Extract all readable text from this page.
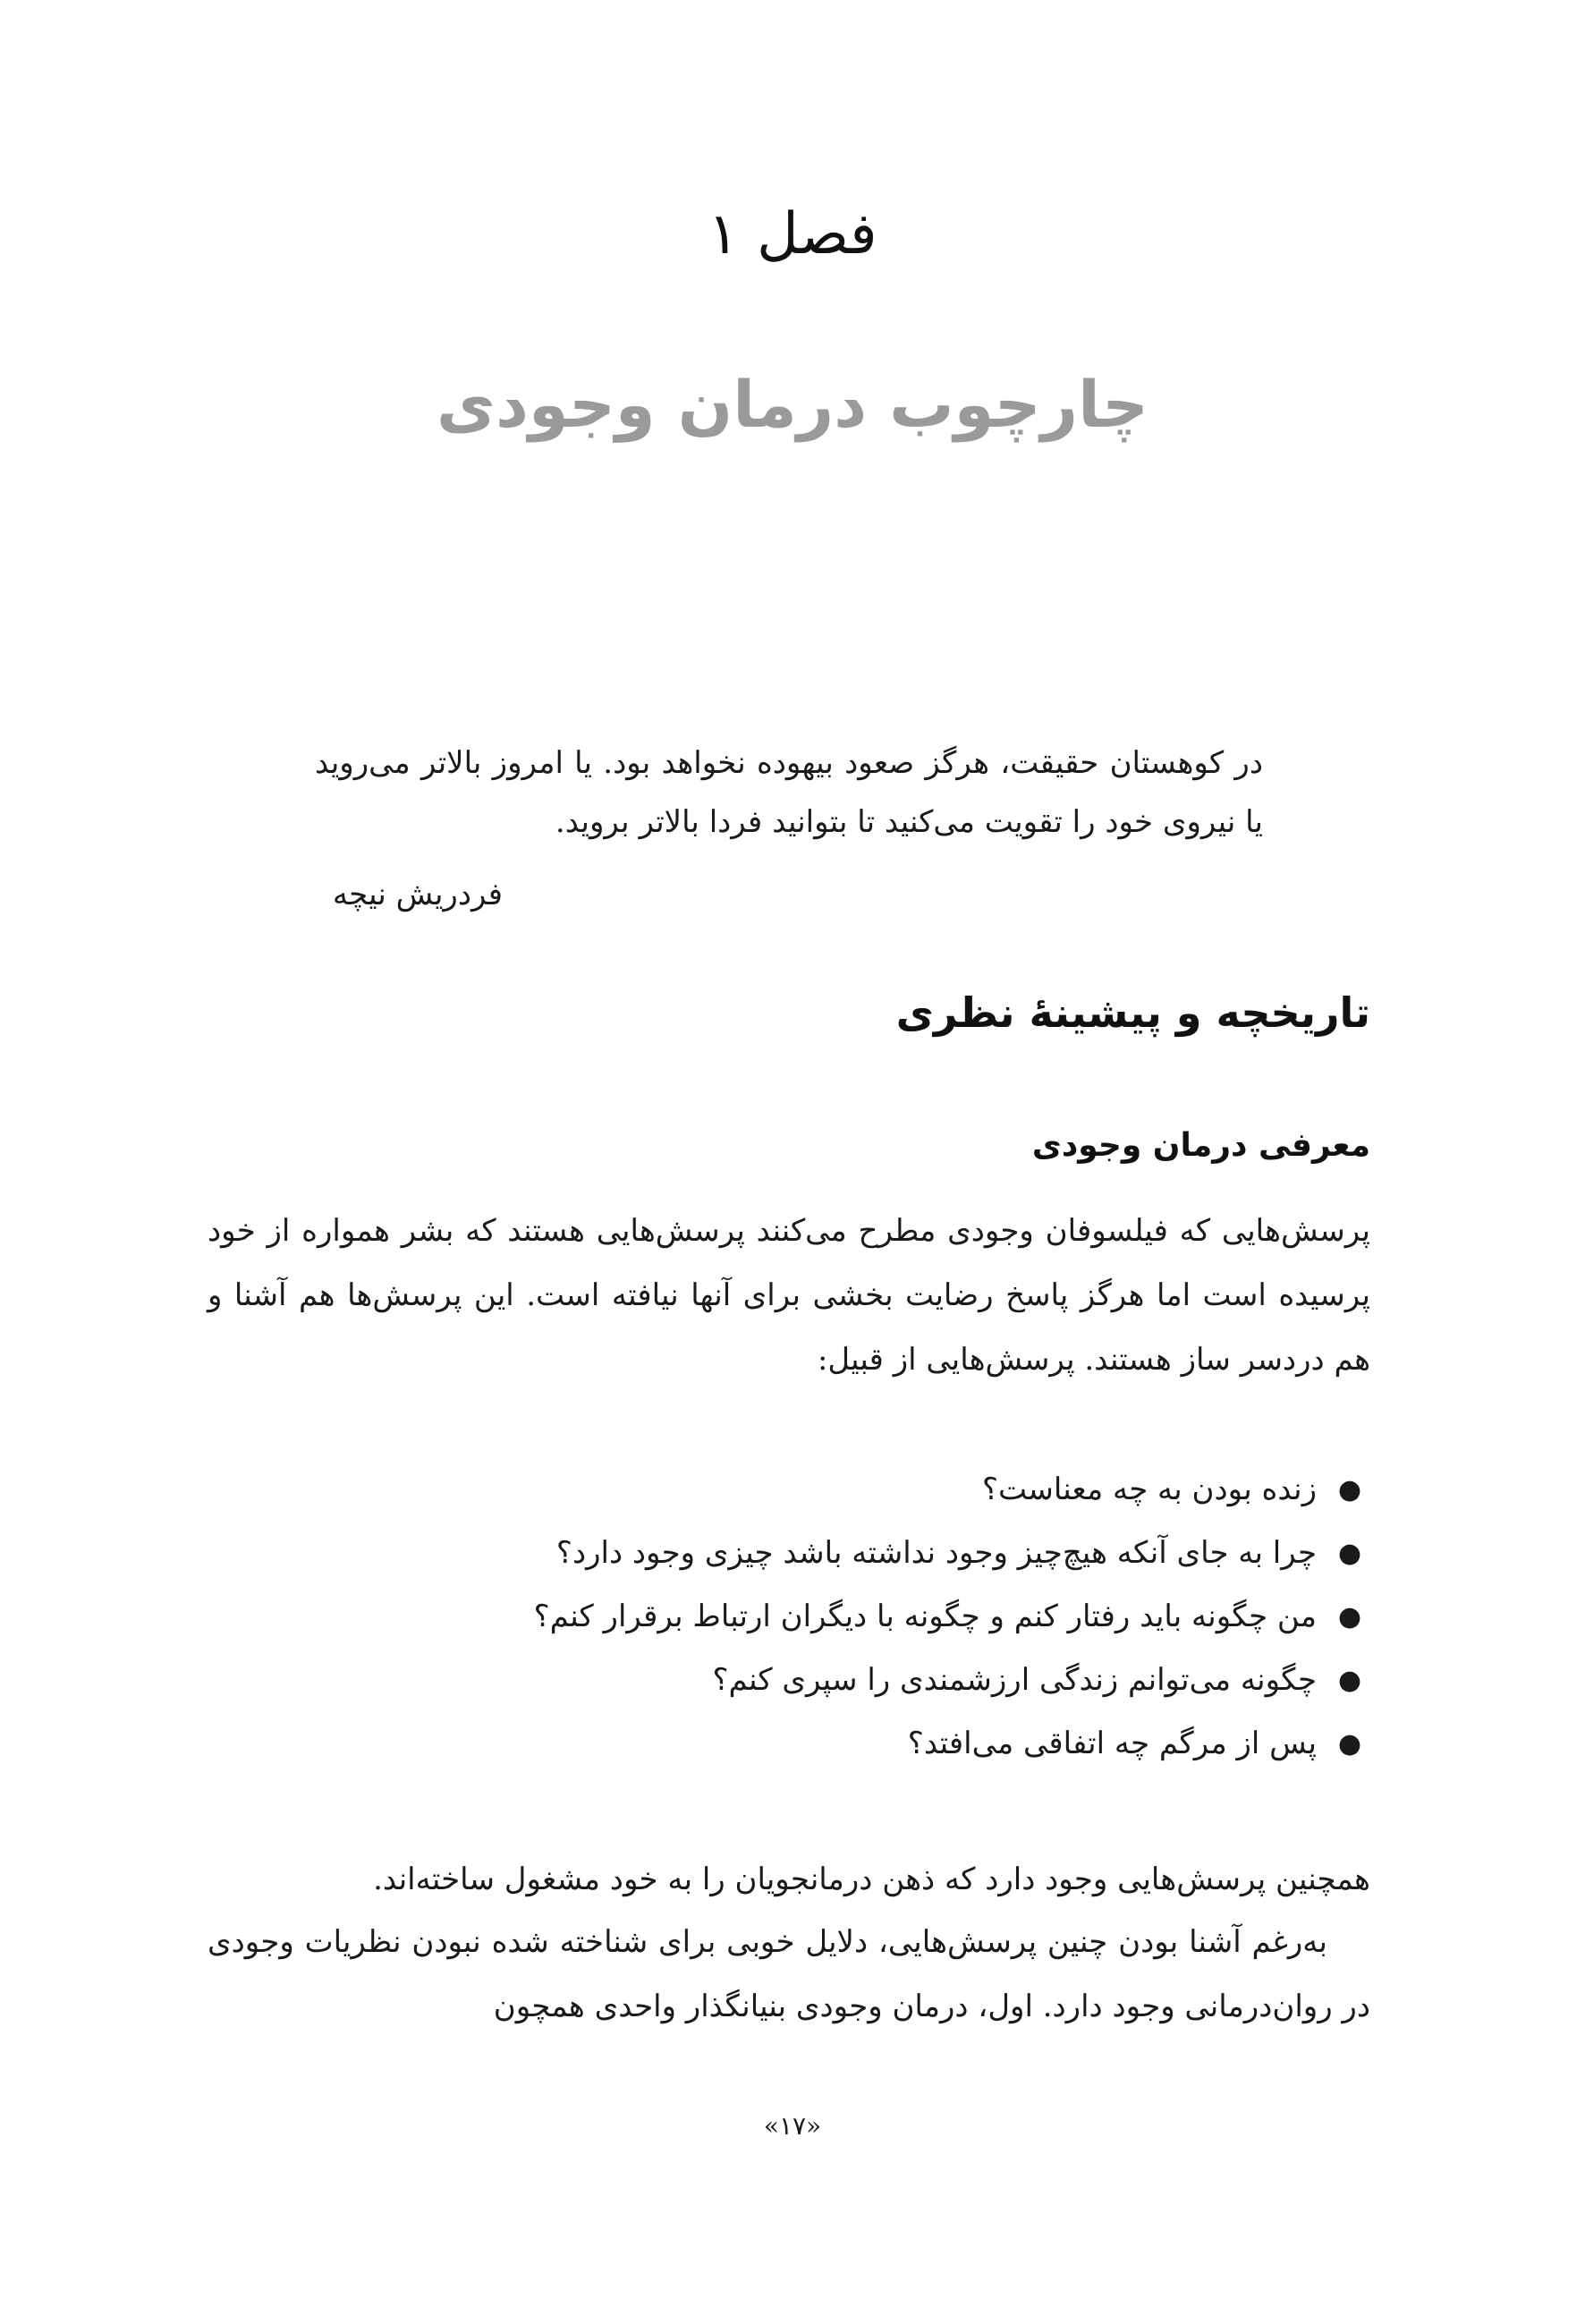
فصل ۱
چارچوب درمان وجودی
در کوهستان حقیقت، هرگز صعود بیهوده نخواهد بود. یا امروز بالاتر می‌روید یا نیروی خود را تقویت می‌کنید تا بتوانید فردا بالاتر بروید.
فردریش نیچه
تاریخچه و پیشینۀ نظری
معرفی درمان وجودی
پرسش‌هایی که فیلسوفان وجودی مطرح می‌کنند پرسش‌هایی هستند که بشر همواره از خود پرسیده است اما هرگز پاسخ رضایت بخشی برای آنها نیافته است. این پرسش‌ها هم آشنا و هم دردسر ساز هستند. پرسش‌هایی از قبیل:
●
زنده بودن به چه معناست؟
●
چرا به جای آنکه هیچ‌چیز وجود نداشته باشد چیزی وجود دارد؟
●
من چگونه باید رفتار کنم و چگونه با دیگران ارتباط برقرار کنم؟
●
چگونه می‌توانم زندگی ارزشمندی را سپری کنم؟
●
پس از مرگم چه اتفاقی می‌افتد؟
همچنین پرسش‌هایی وجود دارد که ذهن درمانجویان را به خود مشغول ساخته‌اند.
به‌رغم آشنا بودن چنین پرسش‌هایی، دلایل خوبی برای شناخته شده نبودن نظریات وجودی در روان‌درمانی وجود دارد. اول، درمان وجودی بنیانگذار واحدی همچون
«۱۷»
